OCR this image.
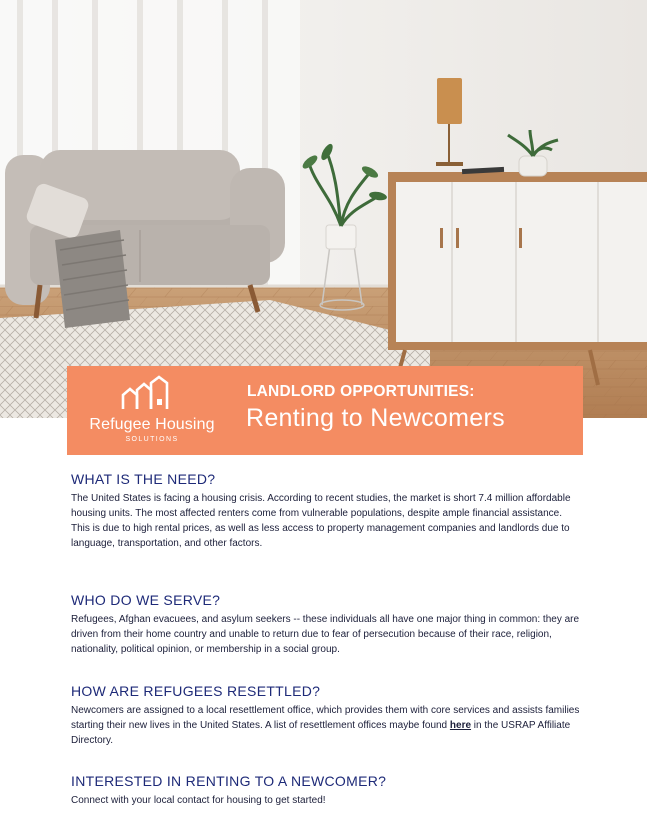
Refugee Housing
SOLUTIONS
LANDLORD OPPORTUNITIES:
Renting to Newcomers
WHAT IS THE NEED?

The United States is facing a housing crisis. According to recent studies, the market is short 7.4 million affordable housing units. The most affected renters come from vulnerable populations, despite ample financial assistance. This is due to high rental prices, as well as less access to property management companies and landlords due to language, transportation, and other factors.

WHO DO WE SERVE?

Refugees, Afghan evacuees, and asylum seekers -- these individuals all have one major thing in common: they are driven from their home country and unable to return due to fear of persecution because of their race, religion, nationality, political opinion, or membership in a social group.

HOW ARE REFUGEES RESETTLED?

Newcomers are assigned to a local resettlement office, which provides them with core services and assists families starting their new lives in the United States. A list of resettlement offices maybe found here in the USRAP Affiliate Directory.

INTERESTED IN RENTING TO A NEWCOMER?

Connect with your local contact for housing to get started!
